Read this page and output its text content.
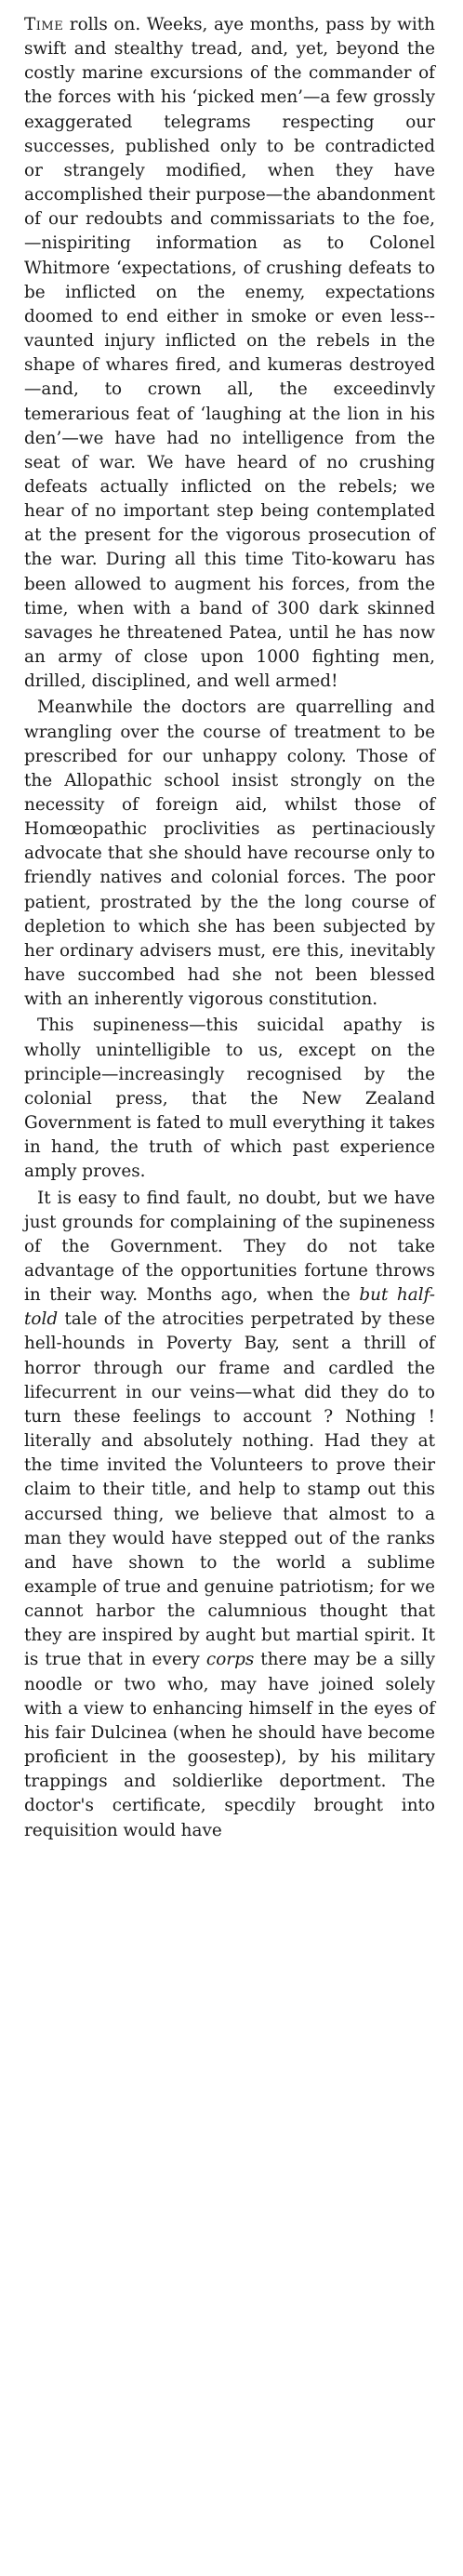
Time rolls on. Weeks, aye months, pass by with swift and stealthy tread, and, yet, beyond the costly marine excursions of the commander of the forces with his ‘picked men’—a few grossly exaggerated telegrams respecting our successes, published only to be contradicted or strangely modified, when they have accomplished their purpose—the abandonment of our redoubts and commissariats to the foe,—nispiriting information as to Colonel Whitmore ‘expectations, of crushing defeats to be inflicted on the enemy, expectations doomed to end either in smoke or even less--vaunted injury inflicted on the rebels in the shape of whares fired, and kumeras destroyed—and, to crown all, the exceedinvly temerarious feat of ‘laughing at the lion in his den’—we have had no intelligence from the seat of war. We have heard of no crushing defeats actually inflicted on the rebels; we hear of no important step being contemplated at the present for the vigorous prosecution of the war. During all this time Tito-kowaru has been allowed to augment his forces, from the time, when with a band of 300 dark skinned savages he threatened Patea, until he has now an army of close upon 1000 fighting men, drilled, disciplined, and well armed!

Meanwhile the doctors are quarrelling and wrangling over the course of treatment to be prescribed for our unhappy colony. Those of the Allopathic school insist strongly on the necessity of foreign aid, whilst those of Homœopathic proclivities as pertinaciously advocate that she should have recourse only to friendly natives and colonial forces. The poor patient, prostrated by the the long course of depletion to which she has been subjected by her ordinary advisers must, ere this, inevitably have succombed had she not been blessed with an inherently vigorous constitution.

This supineness—this suicidal apathy is wholly unintelligible to us, except on the principle—increasingly recognised by the colonial press, that the New Zealand Government is fated to mull everything it takes in hand, the truth of which past experience amply proves.

It is easy to find fault, no doubt, but we have just grounds for complaining of the supineness of the Government. They do not take advantage of the opportunities fortune throws in their way. Months ago, when the but half-told tale of the atrocities perpetrated by these hell-hounds in Poverty Bay, sent a thrill of horror through our frame and cardled the lifecurrent in our veins—what did they do to turn these feelings to account ? Nothing ! literally and absolutely nothing. Had they at the time invited the Volunteers to prove their claim to their title, and help to stamp out this accursed thing, we believe that almost to a man they would have stepped out of the ranks and have shown to the world a sublime example of true and genuine patriotism; for we cannot harbor the calumnious thought that they are inspired by aught but martial spirit. It is true that in every corps there may be a silly noodle or two who, may have joined solely with a view to enhancing himself in the eyes of his fair Dulcinea (when he should have become proficient in the goosestep), by his military trappings and soldierlike deportment. The doctor's certificate, specdily brought into requisition would have
